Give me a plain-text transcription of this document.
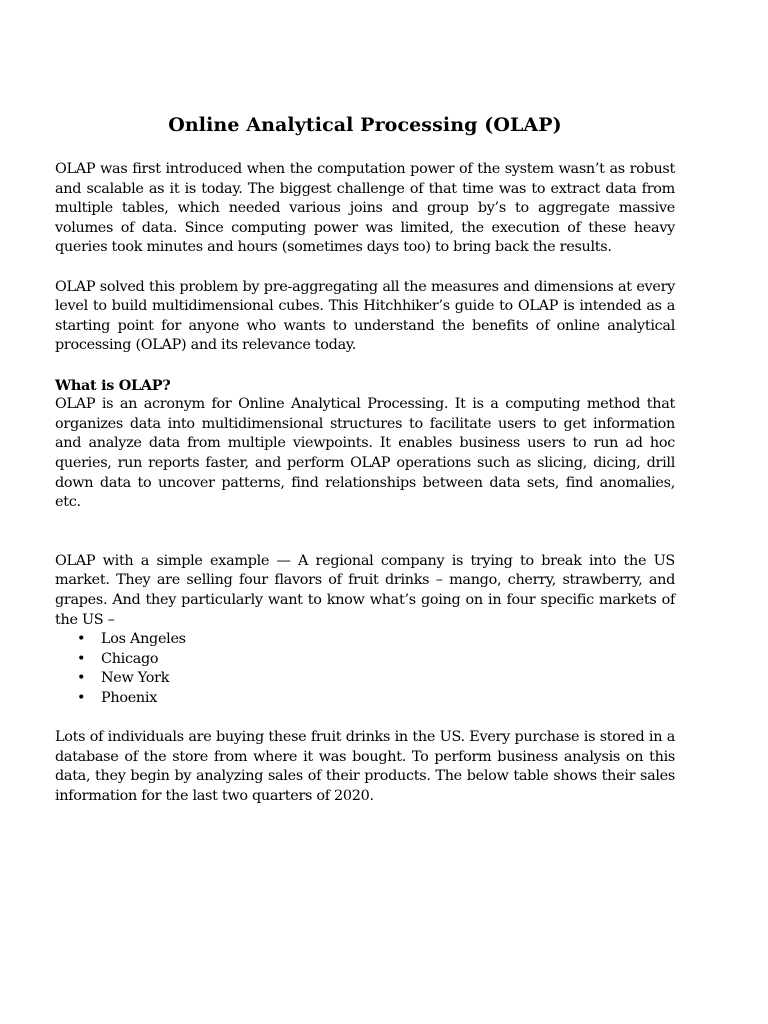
Online Analytical Processing (OLAP)

OLAP was first introduced when the computation power of the system wasn’t as robust and scalable as it is today. The biggest challenge of that time was to extract data from multiple tables, which needed various joins and group by’s to aggregate massive volumes of data. Since computing power was limited, the execution of these heavy queries took minutes and hours (sometimes days too) to bring back the results.

OLAP solved this problem by pre-aggregating all the measures and dimensions at every level to build multidimensional cubes. This Hitchhiker’s guide to OLAP is intended as a starting point for anyone who wants to understand the benefits of online analytical processing (OLAP) and its relevance today.

What is OLAP?

OLAP is an acronym for Online Analytical Processing. It is a computing method that organizes data into multidimensional structures to facilitate users to get information and analyze data from multiple viewpoints. It enables business users to run ad hoc queries, run reports faster, and perform OLAP operations such as slicing, dicing, drill down data to uncover patterns, find relationships between data sets, find anomalies, etc.

OLAP with a simple example — A regional company is trying to break into the US market. They are selling four flavors of fruit drinks – mango, cherry, strawberry, and grapes. And they particularly want to know what’s going on in four specific markets of the US –

• Los Angeles
• Chicago
• New York
• Phoenix

Lots of individuals are buying these fruit drinks in the US. Every purchase is stored in a database of the store from where it was bought. To perform business analysis on this data, they begin by analyzing sales of their products. The below table shows their sales information for the last two quarters of 2020.
